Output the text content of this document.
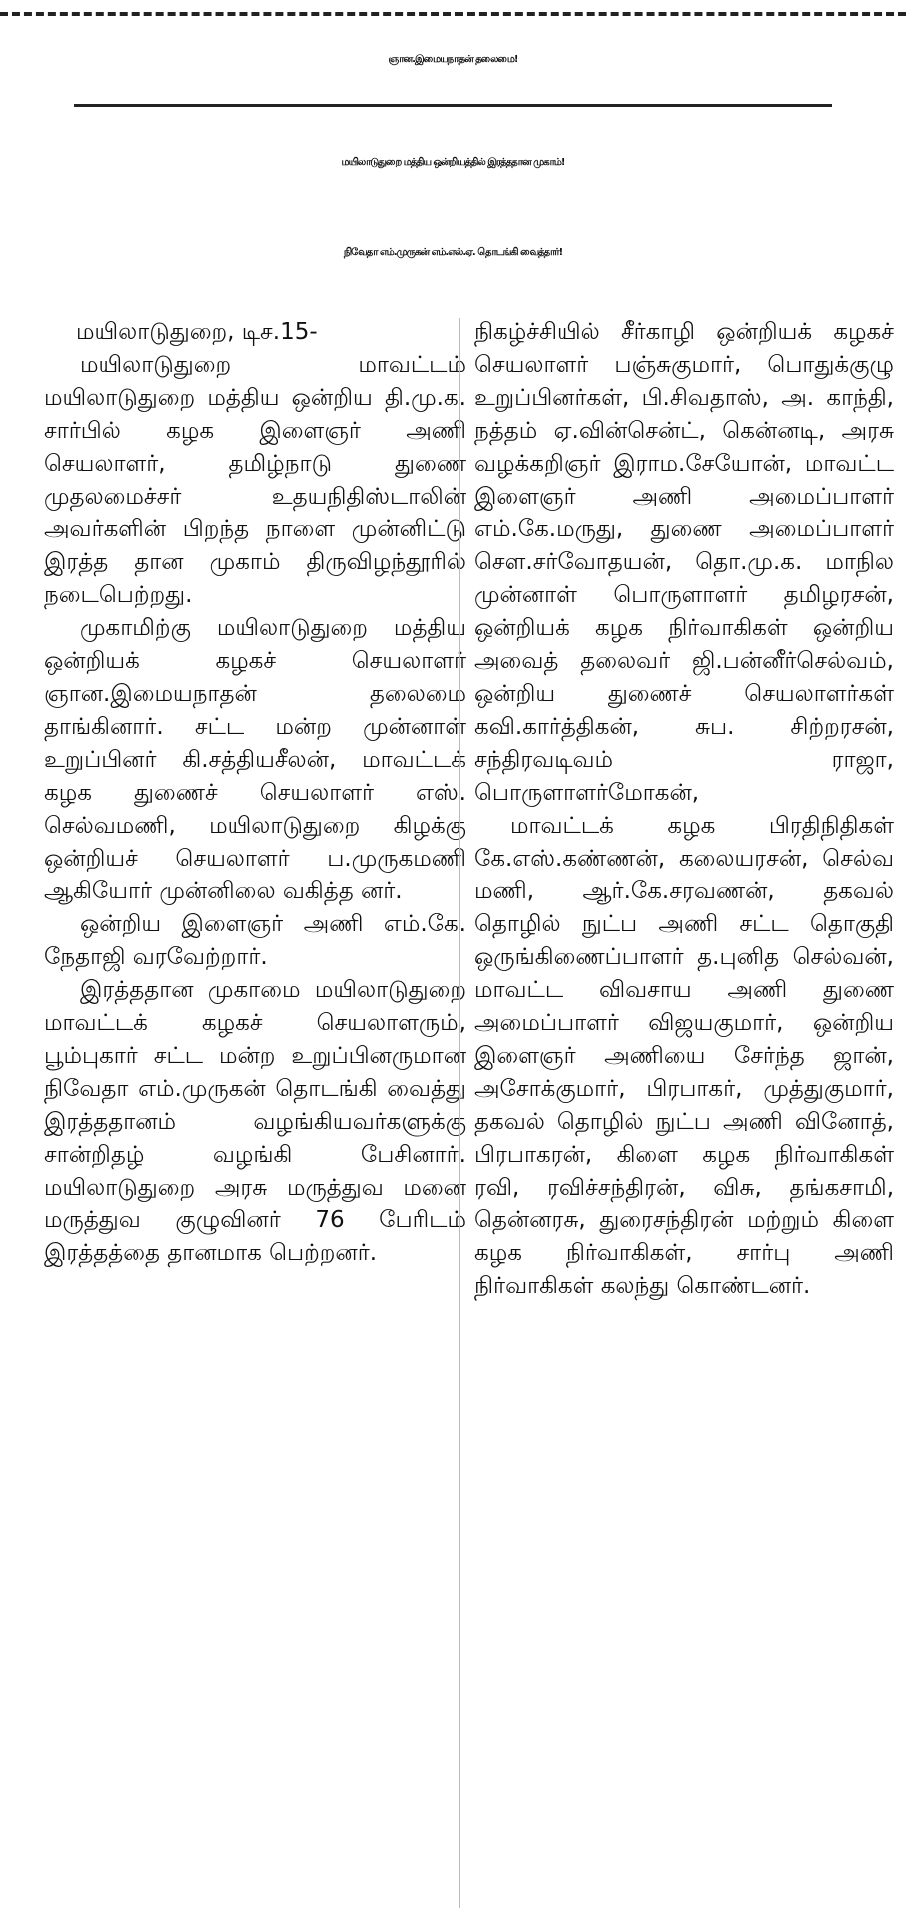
ஞான.இமையநாதன் தலைமை!
மயிலாடுதுறை மத்திய ஒன்றியத்தில் இரத்ததான முகாம்!
நிவேதா எம்.முருகன் எம்.எல்.ஏ. தொடங்கி வைத்தார்!

மயிலாடுதுறை, டிச.15-

மயிலாடுதுறை மாவட்டம் மயிலாடுதுறை மத்திய ஒன்றிய தி.மு.க. சார்பில் கழக இளைஞர் அணி செயலாளர், தமிழ்நாடு துணை முதலமைச்சர் உதயநிதிஸ்டாலின் அவர்களின் பிறந்த நாளை முன்னிட்டு இரத்த தான முகாம் திருவிழந்தூரில் நடைபெற்றது.

முகாமிற்கு மயிலாடுதுறை மத்திய ஒன்றியக் கழகச் செயலாளர் ஞான.இமையநாதன் தலைமை தாங்கினார். சட்ட மன்ற முன்னாள் உறுப்பினர் கி.சத்தியசீலன், மாவட்டக் கழக துணைச் செயலாளர் எஸ். செல்வமணி, மயிலாடுதுறை கிழக்கு ஒன்றியச் செயலாளர் ப.முருகமணி ஆகியோர் முன்னிலை வகித்த னர்.

ஒன்றிய இளைஞர் அணி எம்.கே. நேதாஜி வரவேற்றார்.

இரத்ததான முகாமை மயிலாடுதுறை மாவட்டக் கழகச் செயலாளரும், பூம்புகார் சட்ட மன்ற உறுப்பினருமான நிவேதா எம்.முருகன் தொடங்கி வைத்து இரத்ததானம் வழங்கியவர்களுக்கு சான்றிதழ் வழங்கி பேசினார். மயிலாடுதுறை அரசு மருத்துவ மனை மருத்துவ குழுவினர் 76 பேரிடம் இரத்தத்தை தானமாக பெற்றனர்.

நிகழ்ச்சியில் சீர்காழி ஒன்றியக் கழகச் செயலாளர் பஞ்சுகுமார், பொதுக்குழு உறுப்பினர்கள், பி.சிவதாஸ், அ. காந்தி, நத்தம் ஏ.வின்சென்ட், கென்னடி, அரசு வழக்கறிஞர் இராம.சேயோன், மாவட்ட இளைஞர் அணி அமைப்பாளர் எம்.கே.மருது, துணை அமைப்பாளர் செள.சர்வோதயன், தொ.மு.க. மாநில முன்னாள் பொருளாளர் தமிழரசன், ஒன்றியக் கழக நிர்வாகிகள் ஒன்றிய அவைத் தலைவர் ஜி.பன்னீர்செல்வம், ஒன்றிய துணைச் செயலாளர்கள் கவி.கார்த்திகன், சுப. சிற்றரசன், சந்திரவடிவம் ராஜா, பொருளாளர்மோகன்,

மாவட்டக் கழக பிரதிநிதிகள் கே.எஸ்.கண்ணன், கலையரசன், செல்வ மணி, ஆர்.கே.சரவணன், தகவல் தொழில் நுட்ப அணி சட்ட தொகுதி ஒருங்கிணைப்பாளர் த.புனித செல்வன், மாவட்ட விவசாய அணி துணை அமைப்பாளர் விஜயகுமார், ஒன்றிய இளைஞர் அணியை சேர்ந்த ஜான், அசோக்குமார், பிரபாகர், முத்துகுமார், தகவல் தொழில் நுட்ப அணி வினோத், பிரபாகரன், கிளை கழக நிர்வாகிகள் ரவி, ரவிச்சந்திரன், விசு, தங்கசாமி, தென்னரசு, துரைசந்திரன் மற்றும் கிளை கழக நிர்வாகிகள், சார்பு அணி நிர்வாகிகள் கலந்து கொண்டனர்.
